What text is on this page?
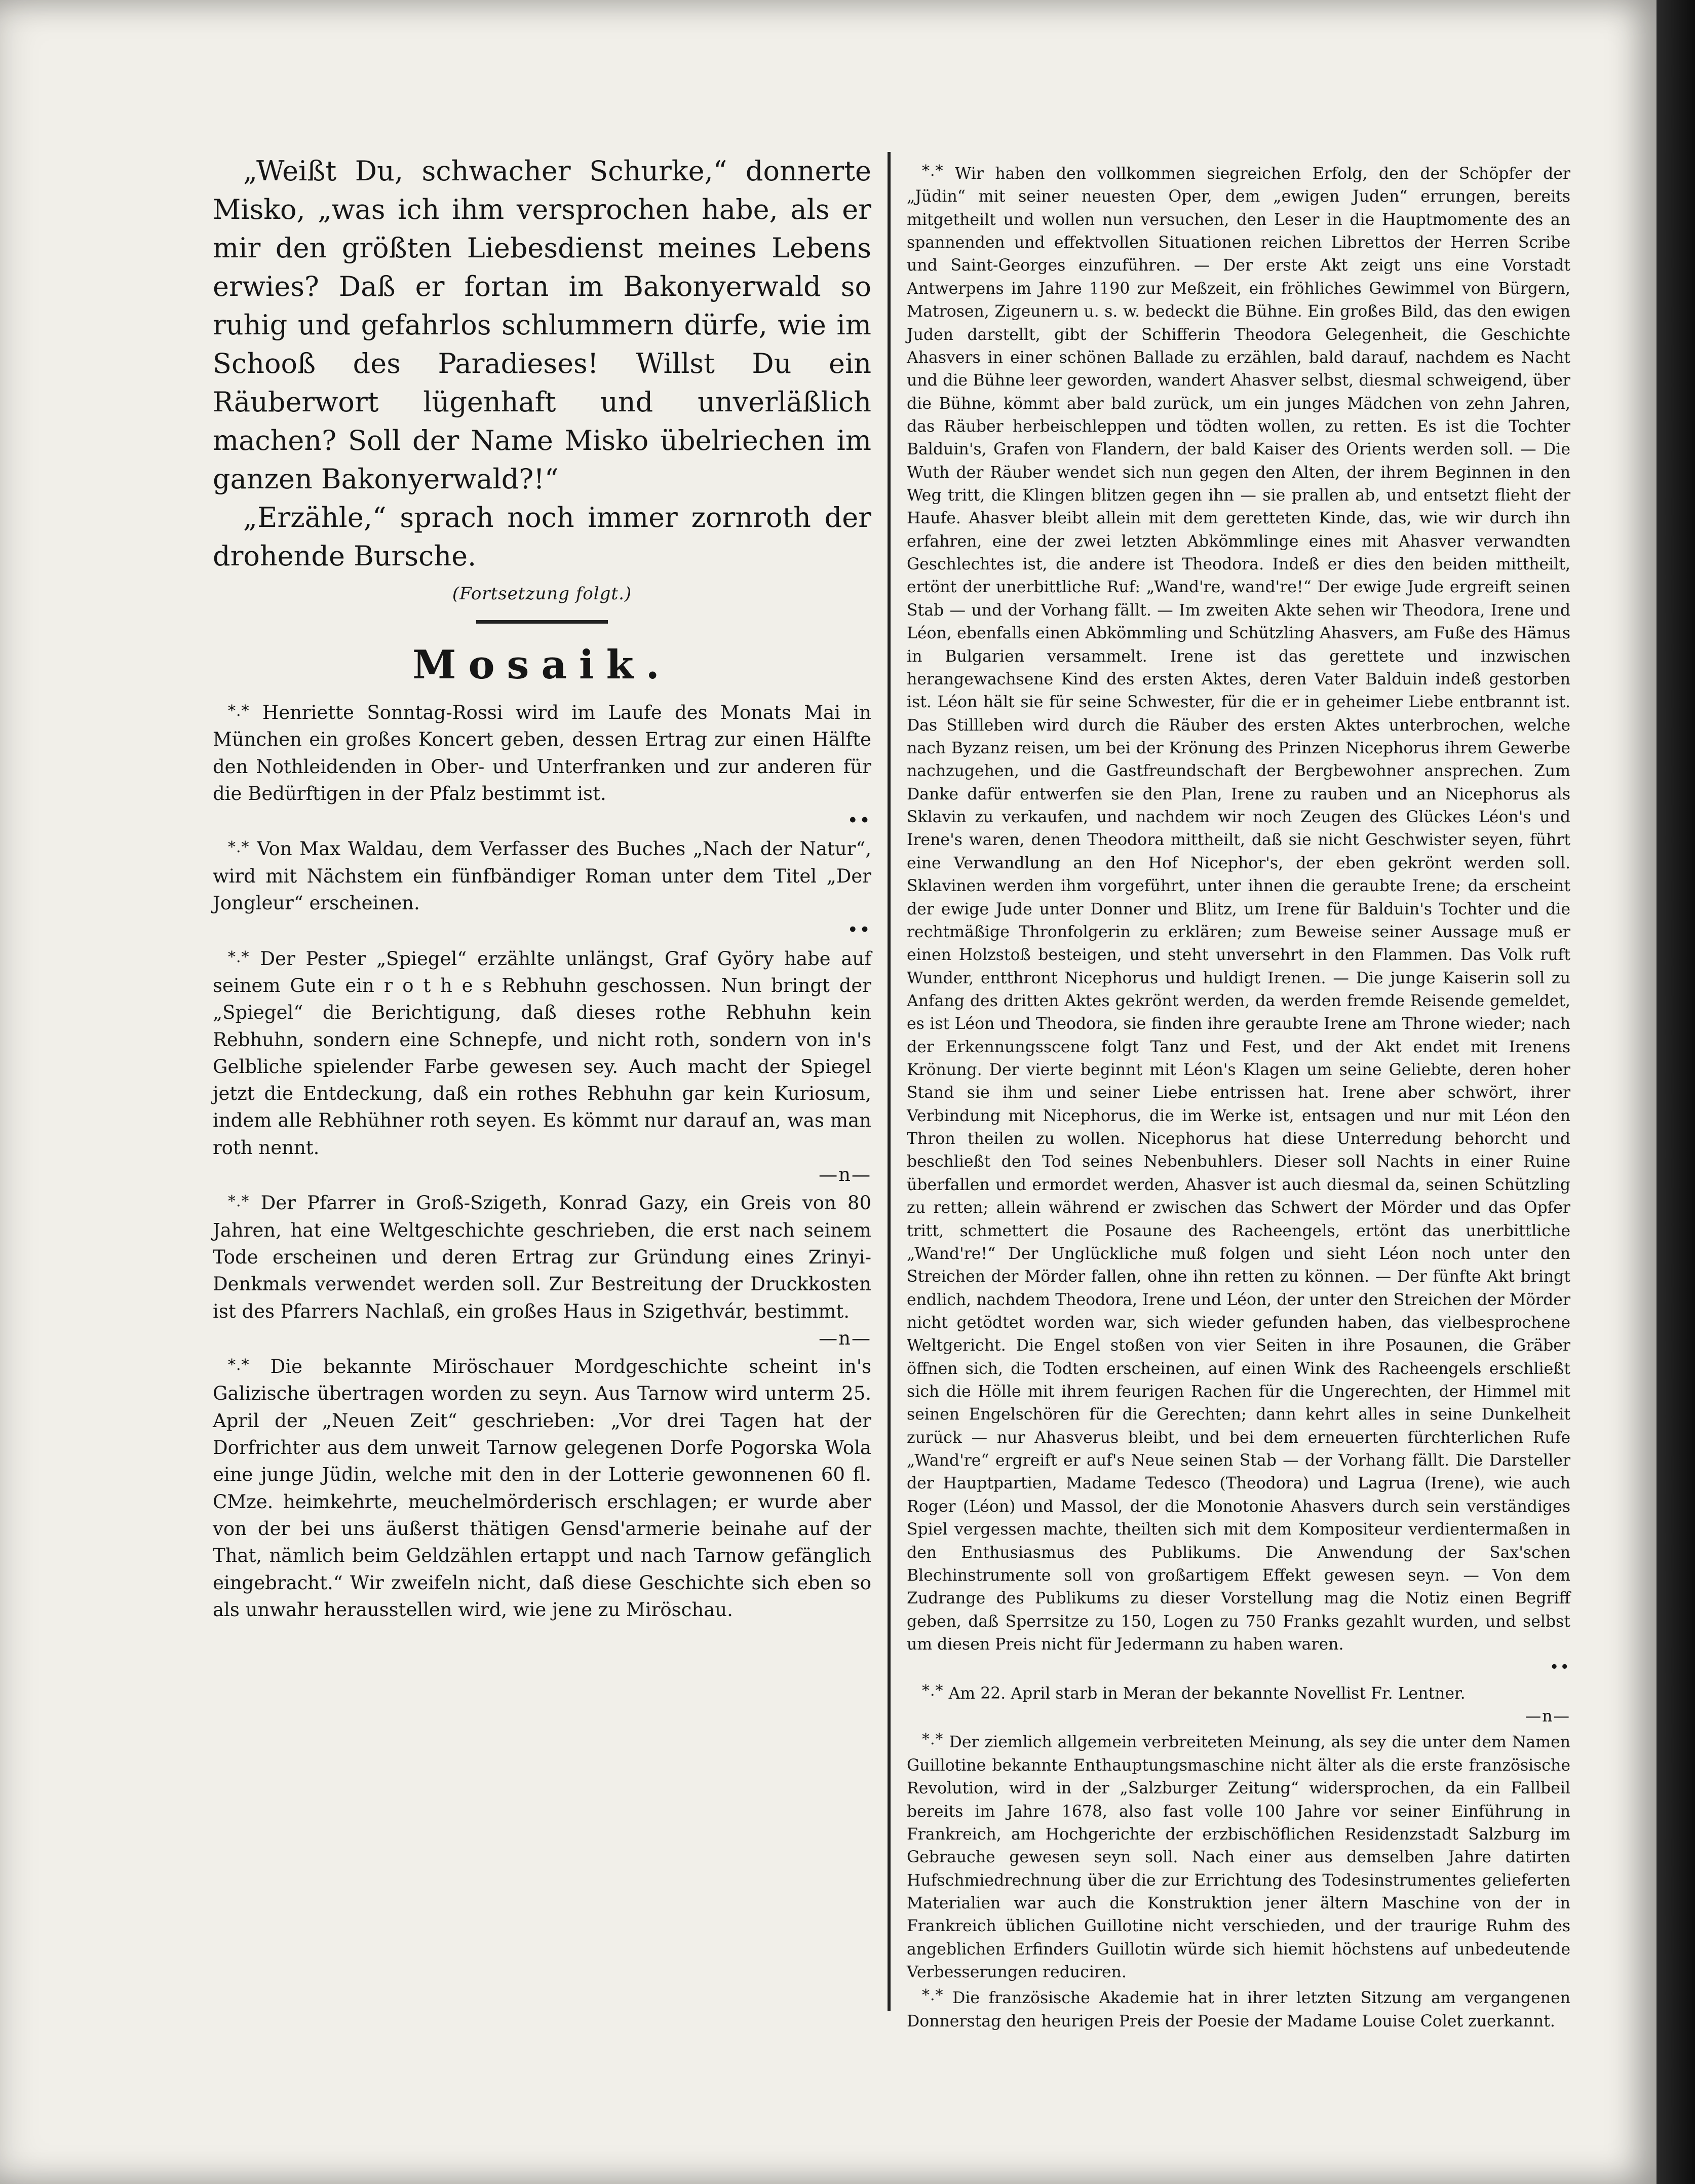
„Weißt Du, schwacher Schurke,“ donnerte Misko, „was ich ihm versprochen habe, als er mir den größten Liebesdienst meines Lebens erwies? Daß er fortan im Bakonyerwald so ruhig und gefahrlos schlummern dürfe, wie im Schooß des Paradieses! Willst Du ein Räuberwort lügenhaft und unverläßlich machen? Soll der Name Misko übelriechen im ganzen Bakonyerwald?!“

„Erzähle,“ sprach noch immer zornroth der drohende Bursche.

(Fortsetzung folgt.)

Mosaik.

*.* Henriette Sonntag-Rossi wird im Laufe des Monats Mai in München ein großes Koncert geben, dessen Ertrag zur einen Hälfte den Nothleidenden in Ober- und Unterfranken und zur anderen für die Bedürftigen in der Pfalz bestimmt ist.

••

*.* Von Max Waldau, dem Verfasser des Buches „Nach der Natur“, wird mit Nächstem ein fünfbändiger Roman unter dem Titel „Der Jongleur“ erscheinen.

••

*.* Der Pester „Spiegel“ erzählte unlängst, Graf Györy habe auf seinem Gute ein r o t h e s Rebhuhn geschossen. Nun bringt der „Spiegel“ die Berichtigung, daß dieses rothe Rebhuhn kein Rebhuhn, sondern eine Schnepfe, und nicht roth, sondern von in's Gelbliche spielender Farbe gewesen sey. Auch macht der Spiegel jetzt die Entdeckung, daß ein rothes Rebhuhn gar kein Kuriosum, indem alle Rebhühner roth seyen. Es kömmt nur darauf an, was man roth nennt.

—n—

*.* Der Pfarrer in Groß-Szigeth, Konrad Gazy, ein Greis von 80 Jahren, hat eine Weltgeschichte geschrieben, die erst nach seinem Tode erscheinen und deren Ertrag zur Gründung eines Zrinyi-Denkmals verwendet werden soll. Zur Bestreitung der Druckkosten ist des Pfarrers Nachlaß, ein großes Haus in Szigethvár, bestimmt.

—n—

*.* Die bekannte Miröschauer Mordgeschichte scheint in's Galizische übertragen worden zu seyn. Aus Tarnow wird unterm 25. April der „Neuen Zeit“ geschrieben: „Vor drei Tagen hat der Dorfrichter aus dem unweit Tarnow gelegenen Dorfe Pogorska Wola eine junge Jüdin, welche mit den in der Lotterie gewonnenen 60 fl. CMze. heimkehrte, meuchelmörderisch erschlagen; er wurde aber von der bei uns äußerst thätigen Gensd'armerie beinahe auf der That, nämlich beim Geldzählen ertappt und nach Tarnow gefänglich eingebracht.“ Wir zweifeln nicht, daß diese Geschichte sich eben so als unwahr herausstellen wird, wie jene zu Miröschau.

*.* Wir haben den vollkommen siegreichen Erfolg, den der Schöpfer der „Jüdin“ mit seiner neuesten Oper, dem „ewigen Juden“ errungen, bereits mitgetheilt und wollen nun versuchen, den Leser in die Hauptmomente des an spannenden und effektvollen Situationen reichen Librettos der Herren Scribe und Saint-Georges einzuführen. — Der erste Akt zeigt uns eine Vorstadt Antwerpens im Jahre 1190 zur Meßzeit, ein fröhliches Gewimmel von Bürgern, Matrosen, Zigeunern u. s. w. bedeckt die Bühne. Ein großes Bild, das den ewigen Juden darstellt, gibt der Schifferin Theodora Gelegenheit, die Geschichte Ahasvers in einer schönen Ballade zu erzählen, bald darauf, nachdem es Nacht und die Bühne leer geworden, wandert Ahasver selbst, diesmal schweigend, über die Bühne, kömmt aber bald zurück, um ein junges Mädchen von zehn Jahren, das Räuber herbeischleppen und tödten wollen, zu retten. Es ist die Tochter Balduin's, Grafen von Flandern, der bald Kaiser des Orients werden soll. — Die Wuth der Räuber wendet sich nun gegen den Alten, der ihrem Beginnen in den Weg tritt, die Klingen blitzen gegen ihn — sie prallen ab, und entsetzt flieht der Haufe. Ahasver bleibt allein mit dem geretteten Kinde, das, wie wir durch ihn erfahren, eine der zwei letzten Abkömmlinge eines mit Ahasver verwandten Geschlechtes ist, die andere ist Theodora. Indeß er dies den beiden mittheilt, ertönt der unerbittliche Ruf: „Wand're, wand're!“ Der ewige Jude ergreift seinen Stab — und der Vorhang fällt. — Im zweiten Akte sehen wir Theodora, Irene und Léon, ebenfalls einen Abkömmling und Schützling Ahasvers, am Fuße des Hämus in Bulgarien versammelt. Irene ist das gerettete und inzwischen herangewachsene Kind des ersten Aktes, deren Vater Balduin indeß gestorben ist. Léon hält sie für seine Schwester, für die er in geheimer Liebe entbrannt ist. Das Stillleben wird durch die Räuber des ersten Aktes unterbrochen, welche nach Byzanz reisen, um bei der Krönung des Prinzen Nicephorus ihrem Gewerbe nachzugehen, und die Gastfreundschaft der Bergbewohner ansprechen. Zum Danke dafür entwerfen sie den Plan, Irene zu rauben und an Nicephorus als Sklavin zu verkaufen, und nachdem wir noch Zeugen des Glückes Léon's und Irene's waren, denen Theodora mittheilt, daß sie nicht Geschwister seyen, führt eine Verwandlung an den Hof Nicephor's, der eben gekrönt werden soll. Sklavinen werden ihm vorgeführt, unter ihnen die geraubte Irene; da erscheint der ewige Jude unter Donner und Blitz, um Irene für Balduin's Tochter und die rechtmäßige Thronfolgerin zu erklären; zum Beweise seiner Aussage muß er einen Holzstoß besteigen, und steht unversehrt in den Flammen. Das Volk ruft Wunder, entthront Nicephorus und huldigt Irenen. — Die junge Kaiserin soll zu Anfang des dritten Aktes gekrönt werden, da werden fremde Reisende gemeldet, es ist Léon und Theodora, sie finden ihre geraubte Irene am Throne wieder; nach der Erkennungsscene folgt Tanz und Fest, und der Akt endet mit Irenens Krönung. Der vierte beginnt mit Léon's Klagen um seine Geliebte, deren hoher Stand sie ihm und seiner Liebe entrissen hat. Irene aber schwört, ihrer Verbindung mit Nicephorus, die im Werke ist, entsagen und nur mit Léon den Thron theilen zu wollen. Nicephorus hat diese Unterredung behorcht und beschließt den Tod seines Nebenbuhlers. Dieser soll Nachts in einer Ruine überfallen und ermordet werden, Ahasver ist auch diesmal da, seinen Schützling zu retten; allein während er zwischen das Schwert der Mörder und das Opfer tritt, schmettert die Posaune des Racheengels, ertönt das unerbittliche „Wand're!“ Der Unglückliche muß folgen und sieht Léon noch unter den Streichen der Mörder fallen, ohne ihn retten zu können. — Der fünfte Akt bringt endlich, nachdem Theodora, Irene und Léon, der unter den Streichen der Mörder nicht getödtet worden war, sich wieder gefunden haben, das vielbesprochene Weltgericht. Die Engel stoßen von vier Seiten in ihre Posaunen, die Gräber öffnen sich, die Todten erscheinen, auf einen Wink des Racheengels erschließt sich die Hölle mit ihrem feurigen Rachen für die Ungerechten, der Himmel mit seinen Engelschören für die Gerechten; dann kehrt alles in seine Dunkelheit zurück — nur Ahasverus bleibt, und bei dem erneuerten fürchterlichen Rufe „Wand're“ ergreift er auf's Neue seinen Stab — der Vorhang fällt. Die Darsteller der Hauptpartien, Madame Tedesco (Theodora) und Lagrua (Irene), wie auch Roger (Léon) und Massol, der die Monotonie Ahasvers durch sein verständiges Spiel vergessen machte, theilten sich mit dem Kompositeur verdientermaßen in den Enthusiasmus des Publikums. Die Anwendung der Sax'schen Blechinstrumente soll von großartigem Effekt gewesen seyn. — Von dem Zudrange des Publikums zu dieser Vorstellung mag die Notiz einen Begriff geben, daß Sperrsitze zu 150, Logen zu 750 Franks gezahlt wurden, und selbst um diesen Preis nicht für Jedermann zu haben waren.

••

*.* Am 22. April starb in Meran der bekannte Novellist Fr. Lentner.

—n—

*.* Der ziemlich allgemein verbreiteten Meinung, als sey die unter dem Namen Guillotine bekannte Enthauptungsmaschine nicht älter als die erste französische Revolution, wird in der „Salzburger Zeitung“ widersprochen, da ein Fallbeil bereits im Jahre 1678, also fast volle 100 Jahre vor seiner Einführung in Frankreich, am Hochgerichte der erzbischöflichen Residenzstadt Salzburg im Gebrauche gewesen seyn soll. Nach einer aus demselben Jahre datirten Hufschmiedrechnung über die zur Errichtung des Todesinstrumentes gelieferten Materialien war auch die Konstruktion jener ältern Maschine von der in Frankreich üblichen Guillotine nicht verschieden, und der traurige Ruhm des angeblichen Erfinders Guillotin würde sich hiemit höchstens auf unbedeutende Verbesserungen reduciren.

*.* Die französische Akademie hat in ihrer letzten Sitzung am vergangenen Donnerstag den heurigen Preis der Poesie der Madame Louise Colet zuerkannt.
